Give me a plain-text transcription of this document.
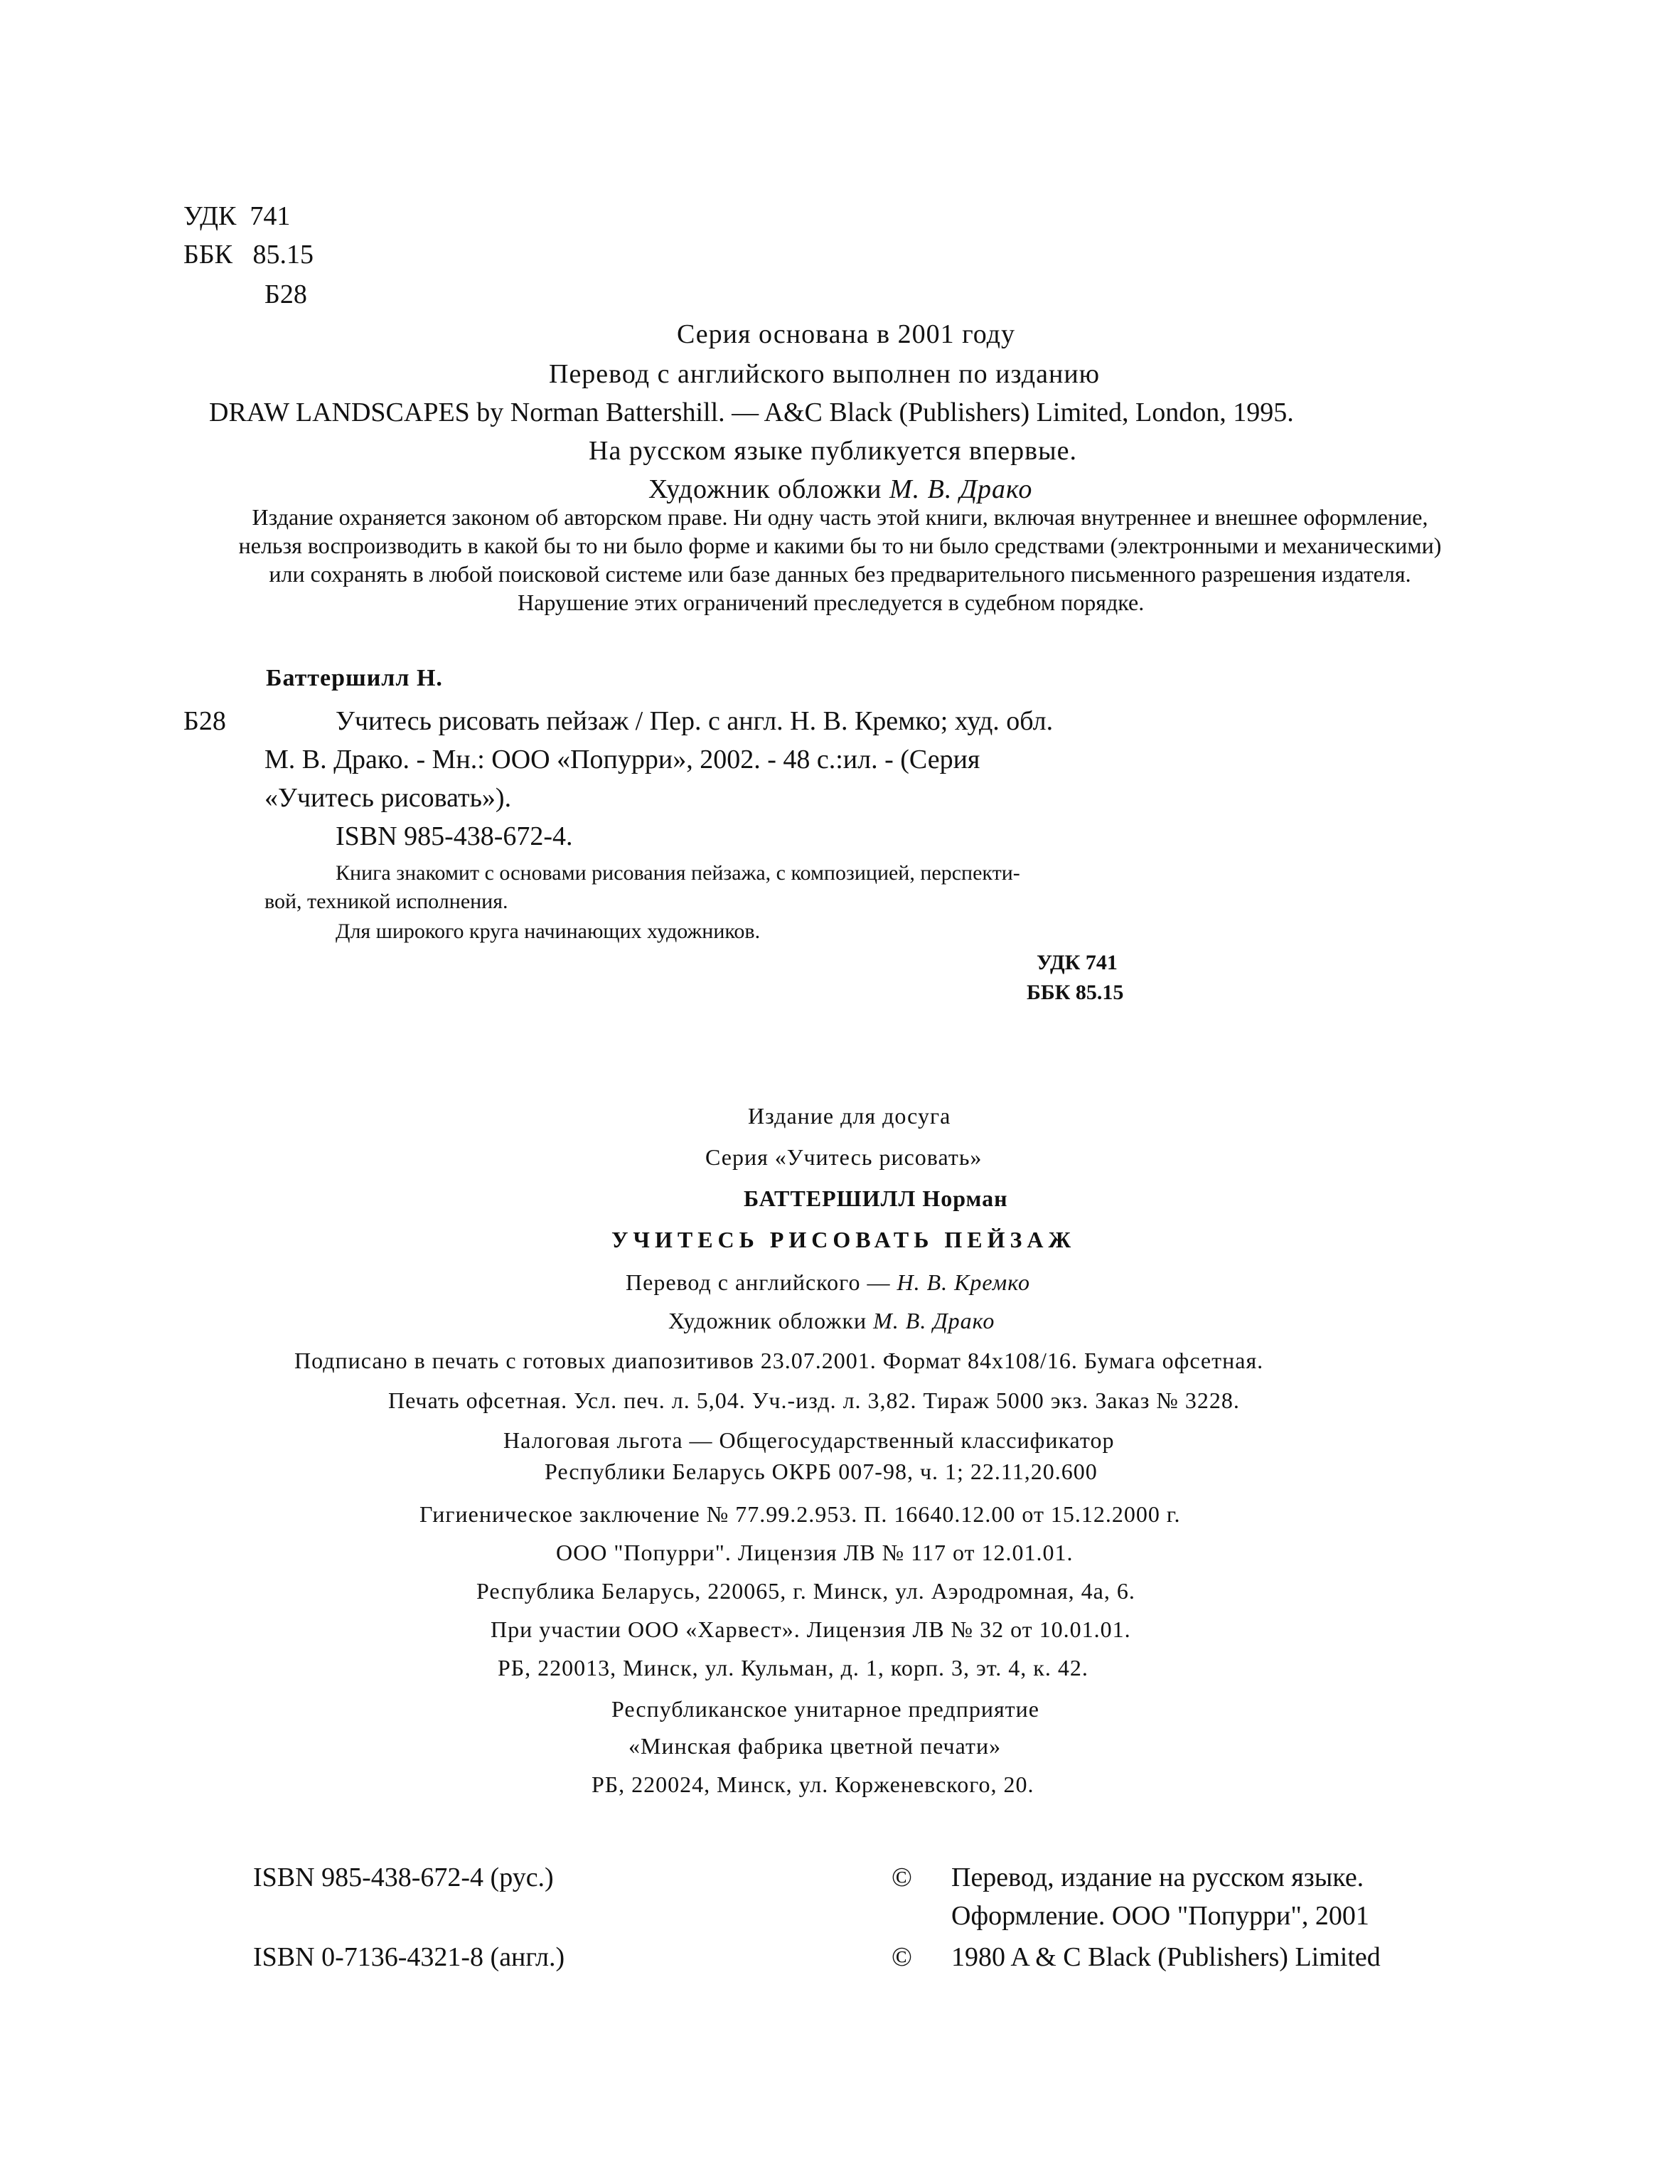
УДК 741
ББК 85.15
Б28
Серия основана в 2001 году
Перевод с английского выполнен по изданию
DRAW LANDSCAPES by Norman Battershill. — A&C Black (Publishers) Limited, London, 1995.
На русском языке публикуется впервые.
Художник обложки М. В. Драко
Издание охраняется законом об авторском праве. Ни одну часть этой книги, включая внутреннее и внешнее оформление,
нельзя воспроизводить в какой бы то ни было форме и какими бы то ни было средствами (электронными и механическими)
или сохранять в любой поисковой системе или базе данных без предварительного письменного разрешения издателя.
Нарушение этих ограничений преследуется в судебном порядке.
Баттершилл Н.
Б28	Учитесь рисовать пейзаж / Пер. с англ. Н. В. Кремко; худ. обл.
М. В. Драко. - Мн.: ООО «Попурри», 2002. - 48 с.:ил. - (Серия
«Учитесь рисовать»).
ISBN 985-438-672-4.
Книга знакомит с основами рисования пейзажа, с композицией, перспекти-
вой, техникой исполнения.
Для широкого круга начинающих художников.
УДК 741
ББК 85.15
Издание для досуга
Серия «Учитесь рисовать»
БАТТЕРШИЛЛ Норман
УЧИТЕСЬ РИСОВАТЬ ПЕЙЗАЖ
Перевод с английского — Н. В. Кремко
Художник обложки М. В. Драко
Подписано в печать с готовых диапозитивов 23.07.2001. Формат 84x108/16. Бумага офсетная.
Печать офсетная. Усл. печ. л. 5,04. Уч.-изд. л. 3,82. Тираж 5000 экз. Заказ № 3228.
Налоговая льгота — Общегосударственный классификатор
Республики Беларусь ОКРБ 007-98, ч. 1; 22.11,20.600
Гигиеническое заключение № 77.99.2.953. П. 16640.12.00 от 15.12.2000 г.
ООО "Попурри". Лицензия ЛВ № 117 от 12.01.01.
Республика Беларусь, 220065, г. Минск, ул. Аэродромная, 4а, 6.
При участии ООО «Харвест». Лицензия ЛВ № 32 от 10.01.01.
РБ, 220013, Минск, ул. Кульман, д. 1, корп. 3, эт. 4, к. 42.
Республиканское унитарное предприятие
«Минская фабрика цветной печати»
РБ, 220024, Минск, ул. Корженевского, 20.
ISBN 985-438-672-4 (рус.)
ISBN 0-7136-4321-8 (англ.)
© Перевод, издание на русском языке.
Оформление. ООО "Попурри", 2001
© 1980 A & C Black (Publishers) Limited
